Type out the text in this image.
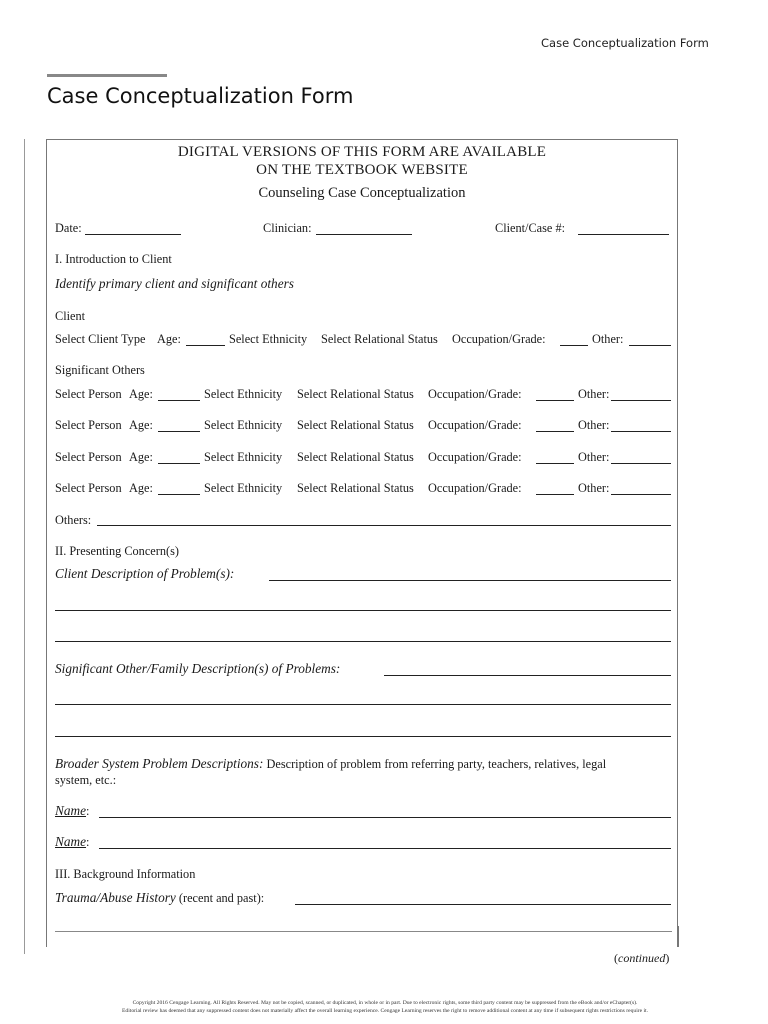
Case Conceptualization Form
Case Conceptualization Form
DIGITAL VERSIONS OF THIS FORM ARE AVAILABLE
ON THE TEXTBOOK WEBSITE
Counseling Case Conceptualization
Date:	Clinician:	Client/Case #:
I. Introduction to Client
Identify primary client and significant others
Client
Select Client Type Age:	Select Ethnicity Select Relational Status Occupation/Grade:	Other:
Significant Others
Select Person Age:	Select Ethnicity Select Relational Status Occupation/Grade:	Other:
Select Person Age:	Select Ethnicity Select Relational Status Occupation/Grade:	Other:
Select Person Age:	Select Ethnicity Select Relational Status Occupation/Grade:	Other:
Select Person Age:	Select Ethnicity Select Relational Status Occupation/Grade:	Other:
Others:
II. Presenting Concern(s)
Client Description of Problem(s):
Significant Other/Family Description(s) of Problems:
Broader System Problem Descriptions: Description of problem from referring party, teachers, relatives, legal
system, etc.:
Name:
Name:
III. Background Information
Trauma/Abuse History (recent and past):
(continued)
Copyright 2016 Cengage Learning. All Rights Reserved. May not be copied, scanned, or duplicated, in whole or in part. Due to electronic rights, some third party content may be suppressed from the eBook and/or eChapter(s).
Editorial review has deemed that any suppressed content does not materially affect the overall learning experience. Cengage Learning reserves the right to remove additional content at any time if subsequent rights restrictions require it.
